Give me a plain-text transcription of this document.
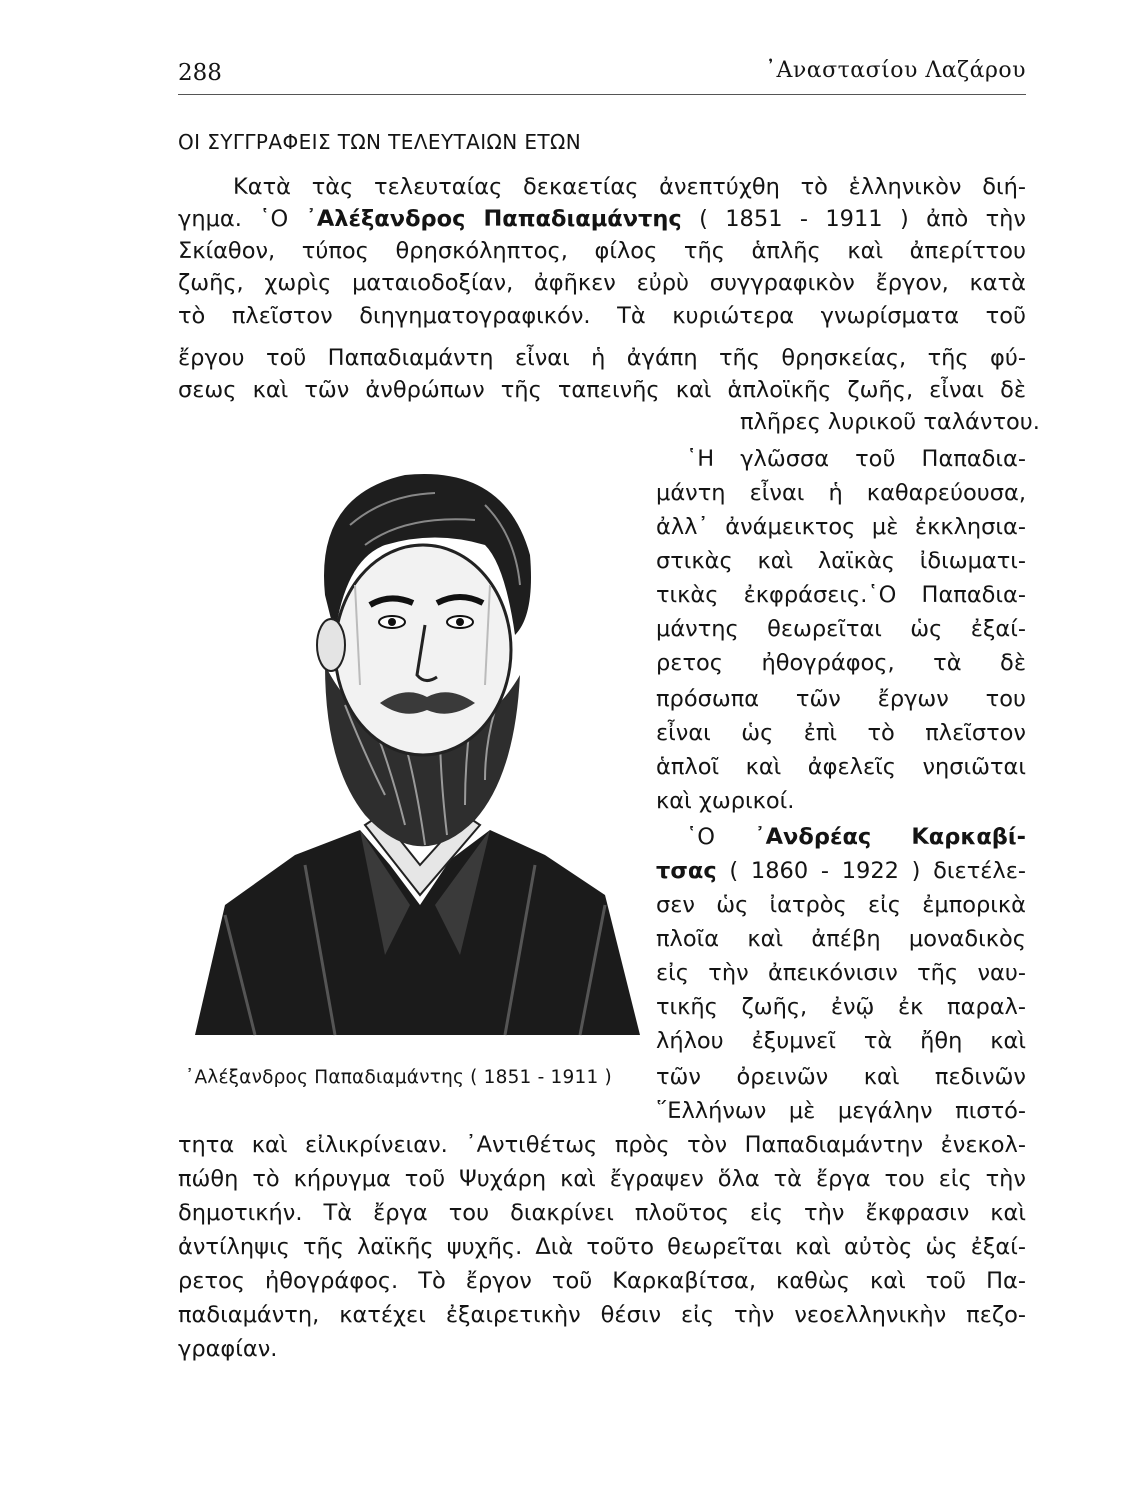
288	᾿Αναστασίου Λαζάρου
ΟΙ ΣΥΓΓΡΑΦΕΙΣ ΤΩΝ ΤΕΛΕΥΤΑΙΩΝ ΕΤΩΝ
Κατὰ τὰς τελευταίας δεκαετίας ἀνεπτύχθη τὸ ἑλληνικὸν διή-
γημα. ῾Ο ᾿Αλέξανδρος Παπαδιαμάντης ( 1851 - 1911 ) ἀπὸ τὴν
Σκίαθον, τύπος θρησκόληπτος, φίλος τῆς ἁπλῆς καὶ ἀπερίττου
ζωῆς, χωρὶς ματαιοδοξίαν, ἀφῆκεν εὐρὺ συγγραφικὸν ἔργον, κατὰ
τὸ πλεῖστον διηγηματογραφικόν. Τὰ κυριώτερα γνωρίσματα τοῦ
ἔργου τοῦ Παπαδιαμάντη εἶναι ἡ ἀγάπη τῆς θρησκείας, τῆς φύ-
σεως καὶ τῶν ἀνθρώπων τῆς ταπεινῆς καὶ ἁπλοϊκῆς ζωῆς, εἶναι δὲ
πλῆρες λυρικοῦ ταλάντου.
῾Η γλῶσσα τοῦ Παπαδια-
μάντη εἶναι ἡ καθαρεύουσα,
ἀλλ᾿ ἀνάμεικτος μὲ ἐκκλησια-
στικὰς καὶ λαϊκὰς ἰδιωματι-
τικὰς ἐκφράσεις.῾Ο Παπαδια-
μάντης θεωρεῖται ὡς ἐξαί-
ρετος ἠθογράφος, τὰ δὲ
πρόσωπα τῶν ἔργων του
εἶναι ὡς ἐπὶ τὸ πλεῖστον
ἁπλοῖ καὶ ἀφελεῖς νησιῶται
καὶ χωρικοί.
῾Ο ᾿Ανδρέας Καρκαβί-
τσας ( 1860 - 1922 ) διετέλε-
σεν ὡς ἰατρὸς εἰς ἐμπορικὰ
πλοῖα καὶ ἀπέβη μοναδικὸς
εἰς τὴν ἀπεικόνισιν τῆς ναυ-
τικῆς ζωῆς, ἐνῷ ἐκ παραλ-
λήλου ἐξυμνεῖ τὰ ἤθη καὶ
τῶν ὀρεινῶν καὶ πεδινῶν
῞Ελλήνων μὲ μεγάλην πιστό-
τητα καὶ εἰλικρίνειαν. ᾿Αντιθέτως πρὸς τὸν Παπαδιαμάντην ἐνεκολ-
πώθη τὸ κήρυγμα τοῦ Ψυχάρη καὶ ἔγραψεν ὅλα τὰ ἔργα του εἰς τὴν
δημοτικήν. Τὰ ἔργα του διακρίνει πλοῦτος εἰς τὴν ἔκφρασιν καὶ
ἀντίληψις τῆς λαϊκῆς ψυχῆς. Διὰ τοῦτο θεωρεῖται καὶ αὐτὸς ὡς ἐξαί-
ρετος ἠθογράφος. Τὸ ἔργον τοῦ Καρκαβίτσα, καθὼς καὶ τοῦ Πα-
παδιαμάντη, κατέχει ἐξαιρετικὴν θέσιν εἰς τὴν νεοελληνικὴν πεζο-
γραφίαν.
᾿Αλέξανδρος Παπαδιαμάντης ( 1851 - 1911 )
